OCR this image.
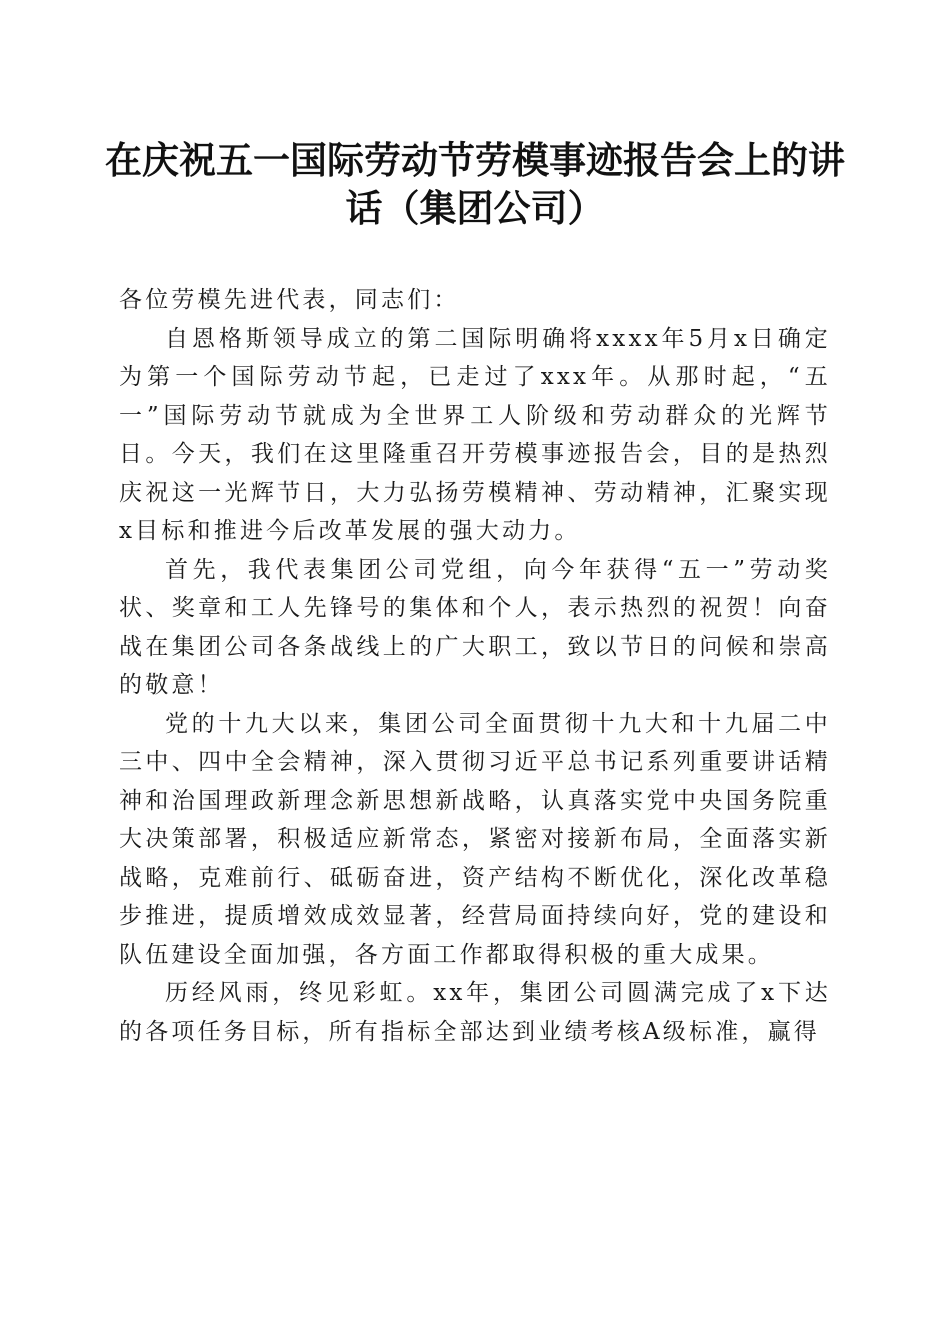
在庆祝五一国际劳动节劳模事迹报告会上的讲话（集团公司）

各位劳模先进代表，同志们：

自恩格斯领导成立的第二国际明确将xxxx年5月x日确定为第一个国际劳动节起，已走过了xxx年。从那时起，“五一”国际劳动节就成为全世界工人阶级和劳动群众的光辉节日。今天，我们在这里隆重召开劳模事迹报告会，目的是热烈庆祝这一光辉节日，大力弘扬劳模精神、劳动精神，汇聚实现x目标和推进今后改革发展的强大动力。

首先，我代表集团公司党组，向今年获得“五一”劳动奖状、奖章和工人先锋号的集体和个人，表示热烈的祝贺！向奋战在集团公司各条战线上的广大职工，致以节日的问候和崇高的敬意！

党的十九大以来，集团公司全面贯彻十九大和十九届二中三中、四中全会精神，深入贯彻习近平总书记系列重要讲话精神和治国理政新理念新思想新战略，认真落实党中央国务院重大决策部署，积极适应新常态，紧密对接新布局，全面落实新战略，克难前行、砥砺奋进，资产结构不断优化，深化改革稳步推进，提质增效成效显著，经营局面持续向好，党的建设和队伍建设全面加强，各方面工作都取得积极的重大成果。

历经风雨，终见彩虹。xx年，集团公司圆满完成了x下达的各项任务目标，所有指标全部达到业绩考核A级标准，赢得
